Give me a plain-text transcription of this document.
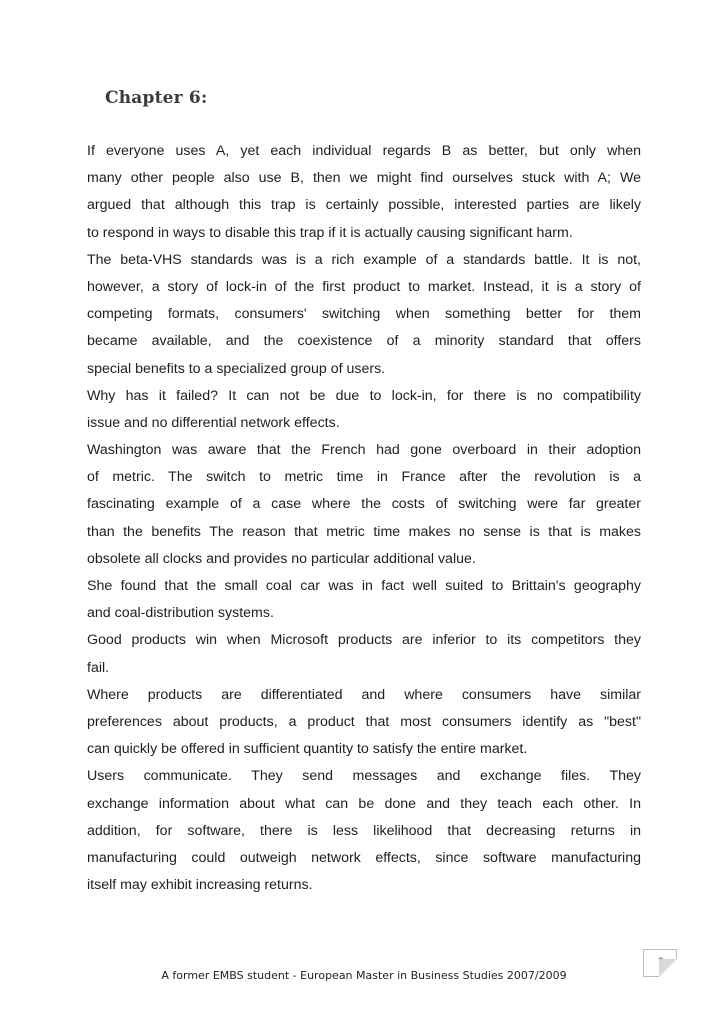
Chapter 6:
If everyone uses A, yet each individual regards B as better, but only when
many other people also use B, then we might find ourselves stuck with A; We
argued that although this trap is certainly possible, interested parties are likely
to respond in ways to disable this trap if it is actually causing significant harm.
The beta-VHS standards was is a rich example of a standards battle. It is not,
however, a story of lock-in of the first product to market. Instead, it is a story of
competing formats, consumers' switching when something better for them
became available, and the coexistence of a minority standard that offers
special benefits to a specialized group of users.
Why has it failed? It can not be due to lock-in, for there is no compatibility
issue and no differential network effects.
Washington was aware that the French had gone overboard in their adoption
of metric. The switch to metric time in France after the revolution is a
fascinating example of a case where the costs of switching were far greater
than the benefits The reason that metric time makes no sense is that is makes
obsolete all clocks and provides no particular additional value.
She found that the small coal car was in fact well suited to Brittain's geography
and coal-distribution systems.
Good products win when Microsoft products are inferior to its competitors they
fail.
Where products are differentiated and where consumers have similar
preferences about products, a product that most consumers identify as "best"
can quickly be offered in sufficient quantity to satisfy the entire market.
Users communicate. They send messages and exchange files. They
exchange information about what can be done and they teach each other. In
addition, for software, there is less likelihood that decreasing returns in
manufacturing could outweigh network effects, since software manufacturing
itself may exhibit increasing returns.
9
A former EMBS student - European Master in Business Studies 2007/2009
